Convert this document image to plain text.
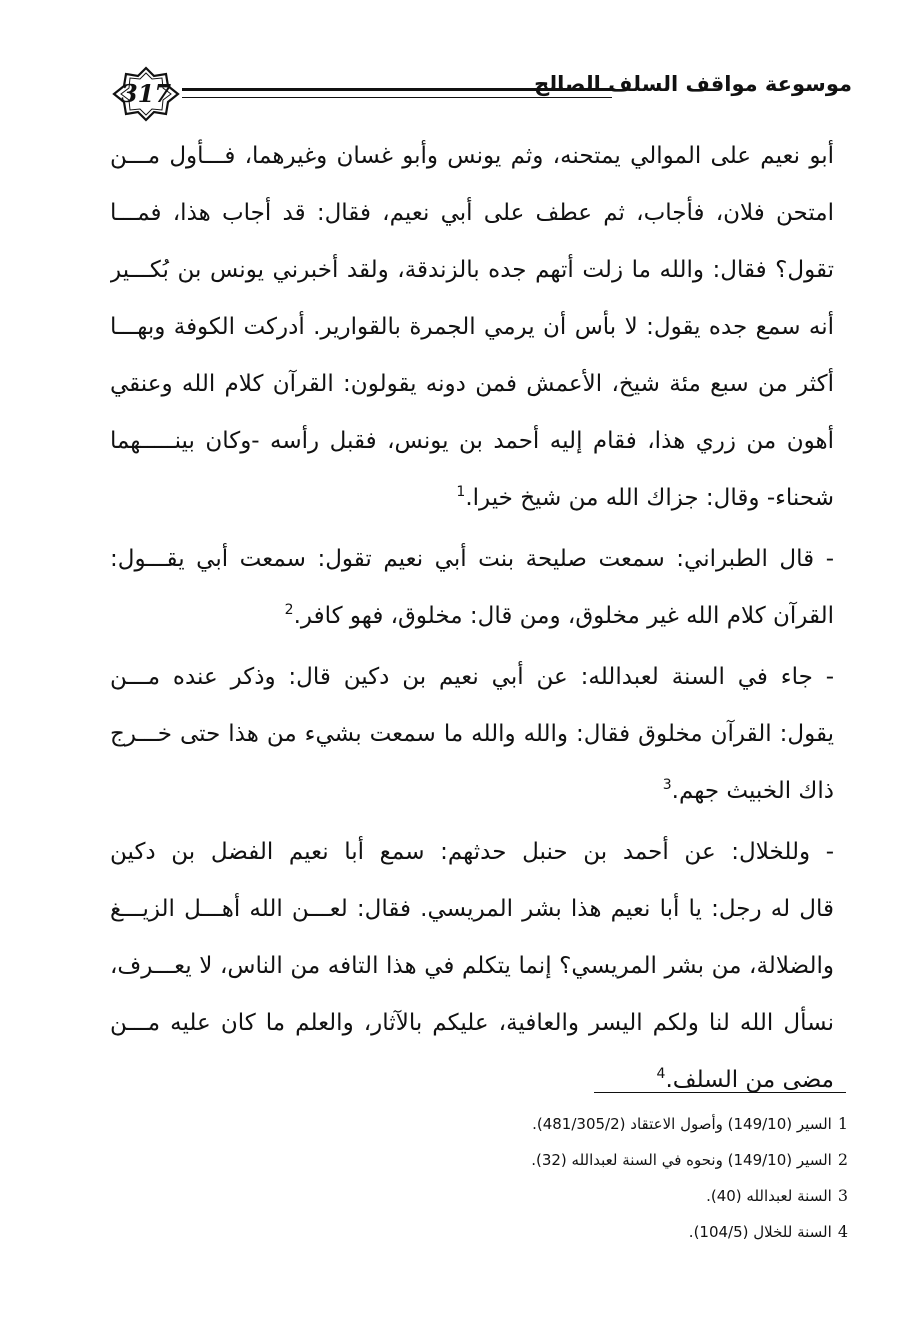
317	موسوعة مواقف السلف الصالح
أبو نعيم على الموالي يمتحنه، وثم يونس وأبو غسان وغيرهما، فـــأول مـــن
امتحن فلان، فأجاب، ثم عطف على أبي نعيم، فقال: قد أجاب هذا، فمـــا
تقول؟ فقال: والله ما زلت أتهم جده بالزندقة، ولقد أخبرني يونس بن بُكـــير
أنه سمع جده يقول: لا بأس أن يرمي الجمرة بالقوارير. أدركت الكوفة وبهـــا
أكثر من سبع مئة شيخ، الأعمش فمن دونه يقولون: القرآن كلام الله وعنقي
أهون من زري هذا، فقام إليه أحمد بن يونس، فقبل رأسه -وكان بينـــــهما
شحناء- وقال: جزاك الله من شيخ خيرا.$^1$
- قال الطبراني: سمعت صليحة بنت أبي نعيم تقول: سمعت أبي يقـــول:
القرآن كلام الله غير مخلوق، ومن قال: مخلوق، فهو كافر.$^2$
- جاء في السنة لعبدالله: عن أبي نعيم بن دكين قال: وذكر عنده مـــن
يقول: القرآن مخلوق فقال: والله والله ما سمعت بشيء من هذا حتى خـــرج
ذاك الخبيث جهم.$^3$
- وللخلال: عن أحمد بن حنبل حدثهم: سمع أبا نعيم الفضل بن دكين
قال له رجل: يا أبا نعيم هذا بشر المريسي. فقال: لعـــن الله أهـــل الزيـــغ
والضلالة، من بشر المريسي؟ إنما يتكلم في هذا التافه من الناس، لا يعـــرف،
نسأل الله لنا ولكم اليسر والعافية، عليكم بالآثار، والعلم ما كان عليه مـــن
مضى من السلف.$^4$
1السير (149/10) وأصول الاعتقاد (481/305/2).
2السير (149/10) ونحوه في السنة لعبدالله (32).
3السنة لعبدالله (40).
4السنة للخلال (104/5).
